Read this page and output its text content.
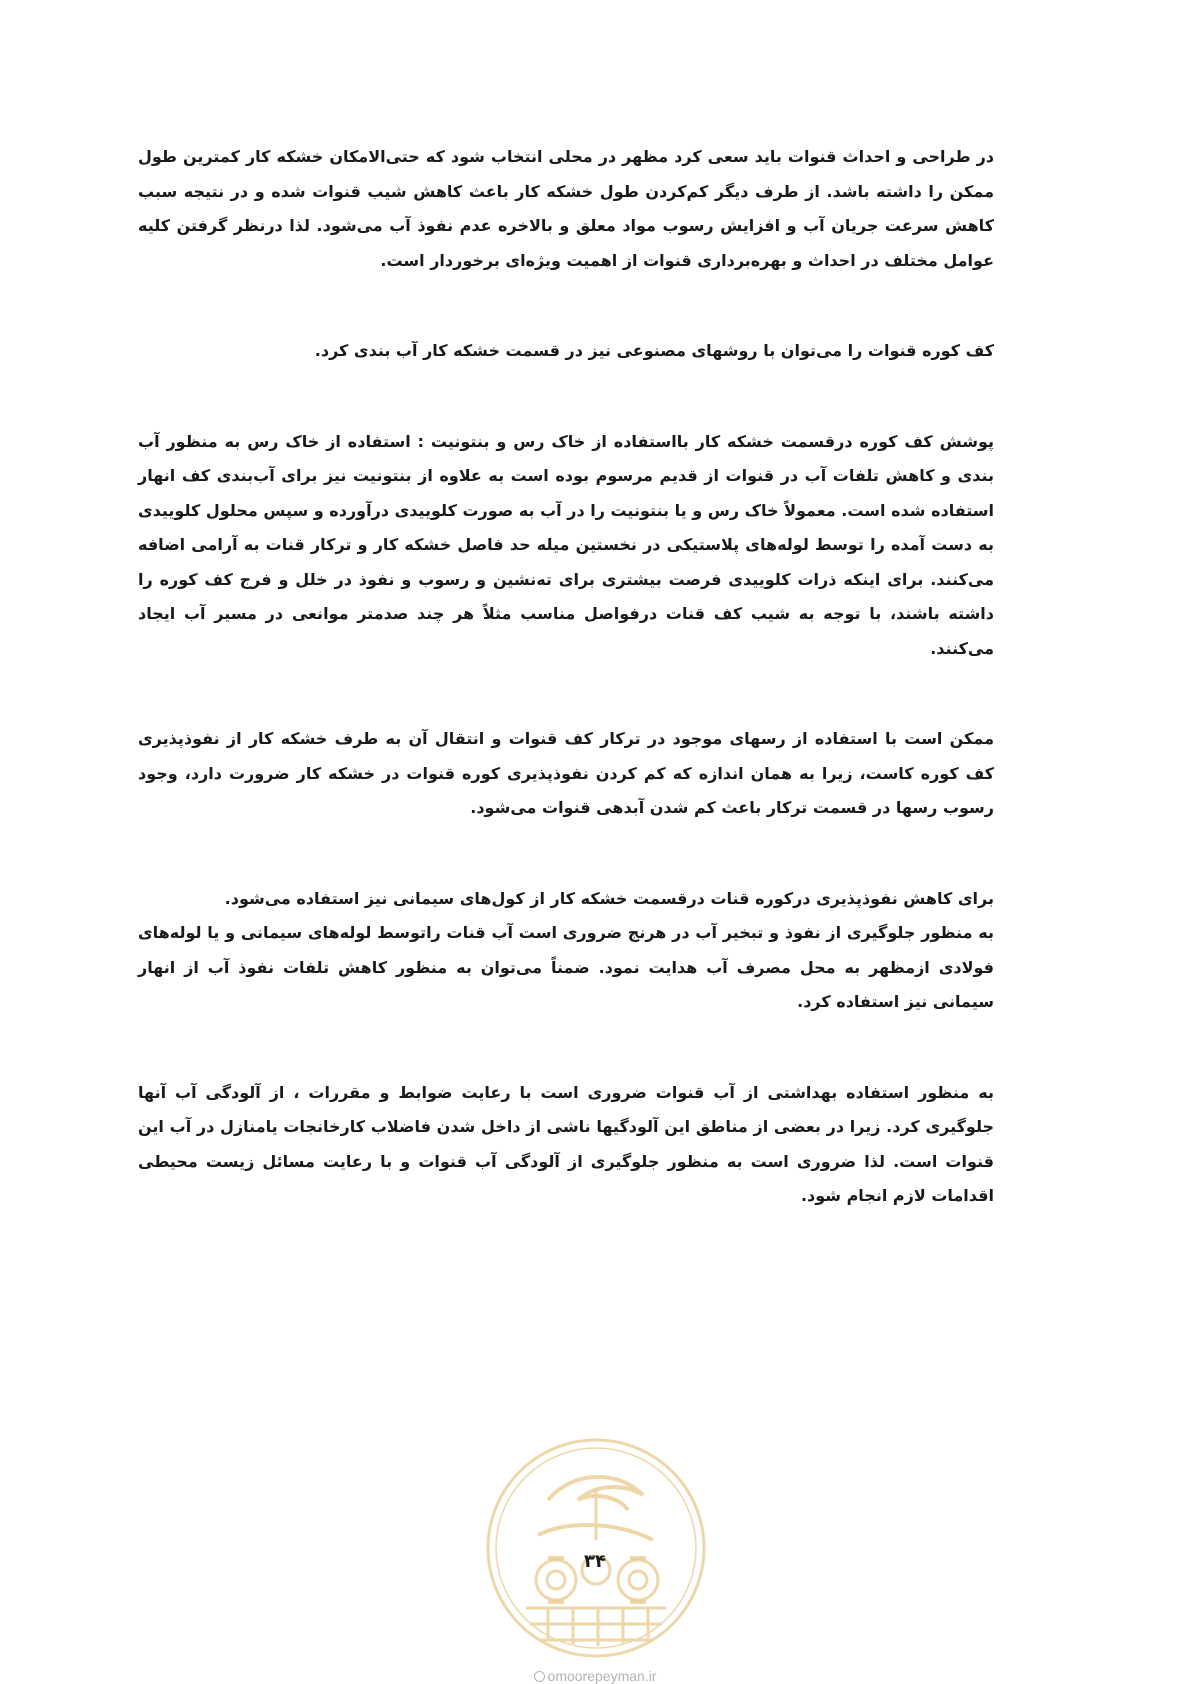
در طراحی و احداث قنوات باید سعی کرد مظهر در محلی انتخاب شود که حتی‌الامکان خشکه کار کمترین طول ممکن را داشته باشد. از طرف دیگر کم‌کردن طول خشکه کار باعث کاهش شیب قنوات شده و در نتیجه سبب کاهش سرعت جریان آب و افزایش رسوب مواد معلق و بالاخره عدم نفوذ آب می‌شود. لذا درنظر گرفتن کلیه عوامل مختلف در احداث و بهره‌برداری قنوات از اهمیت ویژه‌ای برخوردار است.

کف کوره قنوات را می‌توان با روشهای مصنوعی نیز در قسمت خشکه کار آب بندی کرد.

پوشش کف کوره درقسمت خشکه کار بااستفاده از خاک رس و بنتونیت : استفاده از خاک رس به منظور آب بندی و کاهش تلفات آب در قنوات از قدیم مرسوم بوده است به علاوه از بنتونیت نیز برای آب‌بندی کف انهار استفاده شده است. معمولاً خاک رس و یا بنتونیت را در آب به صورت کلوییدی درآورده و سپس محلول کلوییدی به دست آمده را توسط لوله‌های پلاستیکی در نخستین میله حد فاصل خشکه کار و ترکار قنات به آرامی اضافه می‌کنند. برای اینکه ذرات کلوییدی فرصت بیشتری برای ته‌نشین و رسوب و نفوذ در خلل و فرج کف کوره را داشته باشند، با توجه به شیب کف قنات درفواصل مناسب مثلاً هر چند صدمتر موانعی در مسیر آب ایجاد می‌کنند.

ممکن است با استفاده از رسهای موجود در ترکار کف قنوات و انتقال آن به طرف خشکه کار از نفوذپذیری کف کوره کاست، زیرا به همان اندازه که کم کردن نفوذپذیری کوره قنوات در خشکه کار ضرورت دارد، وجود رسوب رسها در قسمت ترکار باعث کم شدن آبدهی قنوات می‌شود.

برای کاهش نفوذپذیری درکوره قنات درقسمت خشکه کار از کول‌های سیمانی نیز استفاده می‌شود.

به منظور جلوگیری از نفوذ و تبخیر آب در هرنج ضروری است آب قنات راتوسط لوله‌های سیمانی و یا لوله‌های فولادی ازمظهر به محل مصرف آب هدایت نمود. ضمناً می‌توان به منظور کاهش تلفات نفوذ آب از انهار سیمانی نیز استفاده کرد.

به منظور استفاده بهداشتی از آب قنوات ضروری است با رعایت ضوابط و مقررات ، از آلودگی آب آنها جلوگیری کرد. زیرا در بعضی از مناطق این آلودگیها ناشی از داخل شدن فاضلاب کارخانجات یامنازل در آب این قنوات است. لذا ضروری است به منظور جلوگیری از آلودگی آب قنوات و با رعایت مسائل زیست محیطی اقدامات لازم انجام شود.

۳۴
omoorepeyman.ir
